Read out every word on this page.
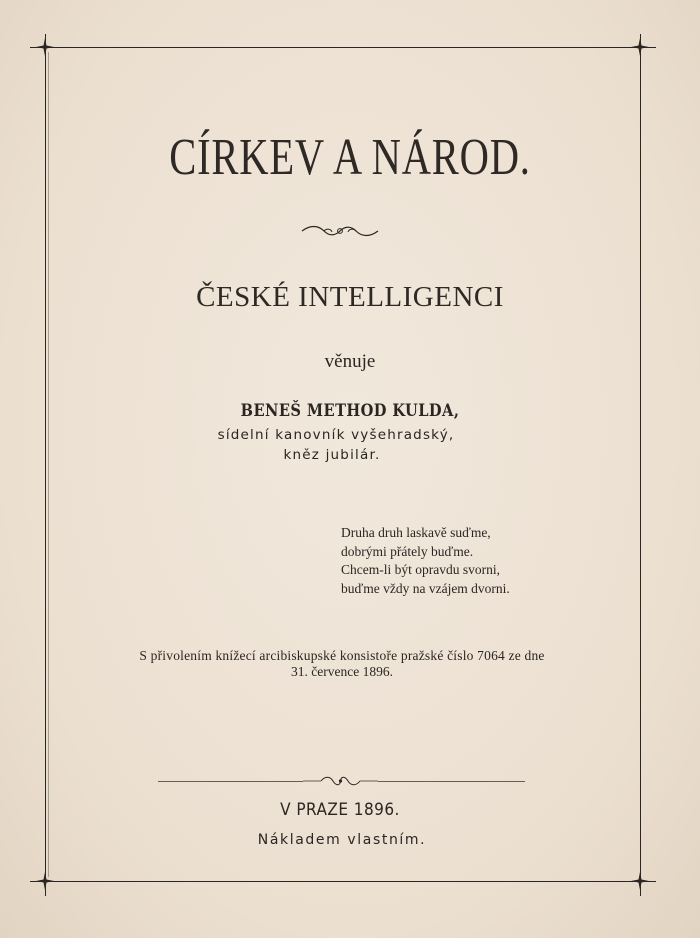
CÍRKEV A NÁROD.
ČESKÉ INTELLIGENCI
věnuje
BENEŠ METHOD KULDA,
sídelní kanovník vyšehradský,
kněz jubilár.
Druha druh laskavě suďme,
dobrými přátely buďme.
Chcem-li být opravdu svorni,
buďme vždy na vzájem dvorni.
S přivolením knížecí arcibiskupské konsistoře pražské číslo 7064 ze dne
31. července 1896.
V PRAZE 1896.
Nákladem vlastním.
